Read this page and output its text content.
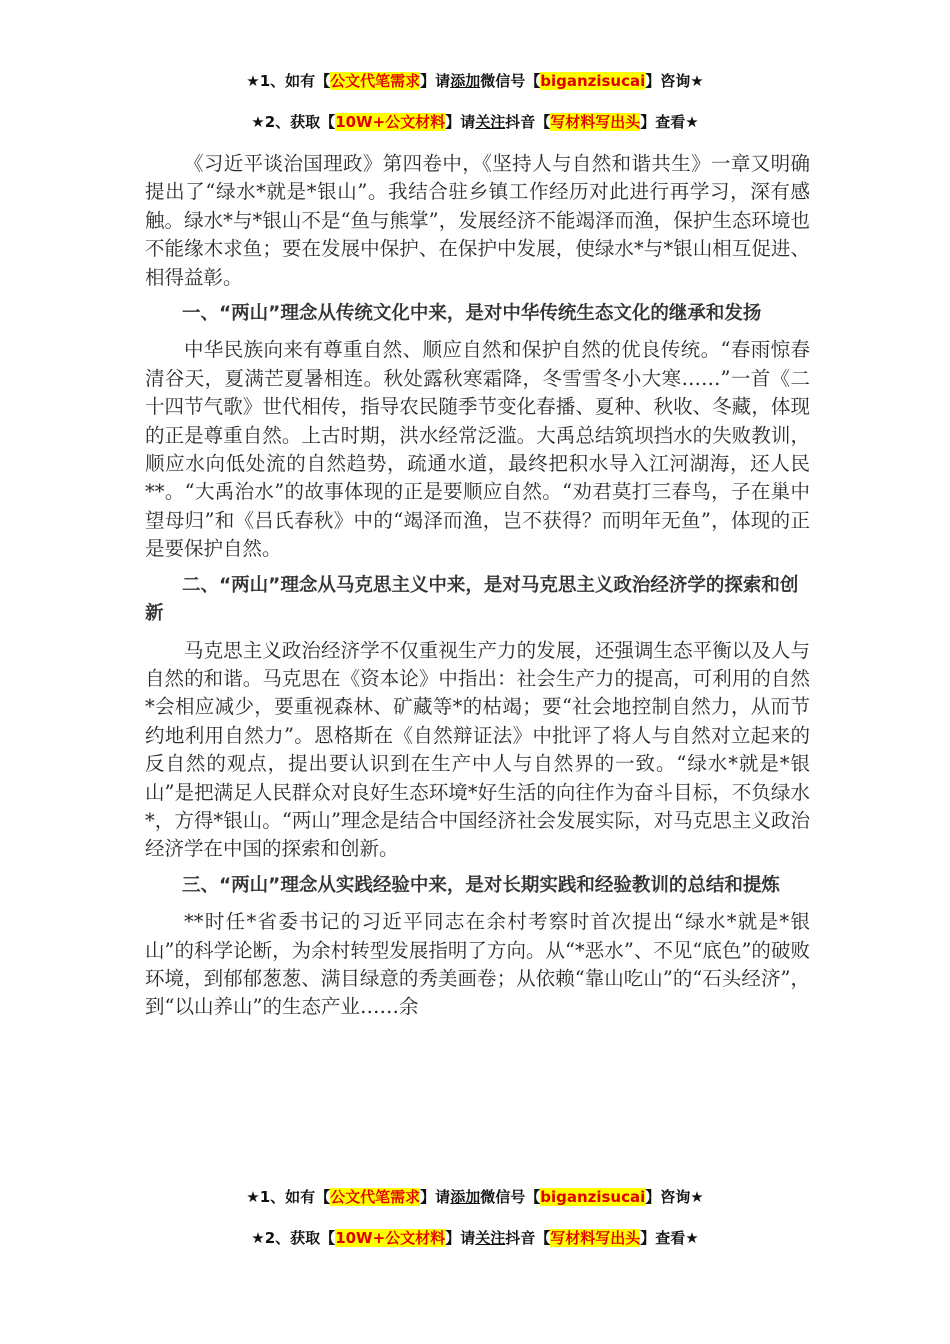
★1、如有【公文代笔需求】请添加微信号【biganzisucai】咨询★
★2、获取【10W+公文材料】请关注抖音【写材料写出头】查看★

《习近平谈治国理政》第四卷中，《坚持人与自然和谐共生》一章又明确提出了“绿水*就是*银山”。我结合驻乡镇工作经历对此进行再学习，深有感触。绿水*与*银山不是“鱼与熊掌”，发展经济不能竭泽而渔，保护生态环境也不能缘木求鱼；要在发展中保护、在保护中发展，使绿水*与*银山相互促进、相得益彰。

一、“两山”理念从传统文化中来，是对中华传统生态文化的继承和发扬

中华民族向来有尊重自然、顺应自然和保护自然的优良传统。“春雨惊春清谷天，夏满芒夏暑相连。秋处露秋寒霜降，冬雪雪冬小大寒……”一首《二十四节气歌》世代相传，指导农民随季节变化春播、夏种、秋收、冬藏，体现的正是尊重自然。上古时期，洪水经常泛滥。大禹总结筑坝挡水的失败教训，顺应水向低处流的自然趋势，疏通水道，最终把积水导入江河湖海，还人民**。“大禹治水”的故事体现的正是要顺应自然。“劝君莫打三春鸟，子在巢中望母归”和《吕氏春秋》中的“竭泽而渔，岂不获得？而明年无鱼”，体现的正是要保护自然。

二、“两山”理念从马克思主义中来，是对马克思主义政治经济学的探索和创新

马克思主义政治经济学不仅重视生产力的发展，还强调生态平衡以及人与自然的和谐。马克思在《资本论》中指出：社会生产力的提高，可利用的自然*会相应减少，要重视森林、矿藏等*的枯竭；要“社会地控制自然力，从而节约地利用自然力”。恩格斯在《自然辩证法》中批评了将人与自然对立起来的反自然的观点，提出要认识到在生产中人与自然界的一致。“绿水*就是*银山”是把满足人民群众对良好生态环境*好生活的向往作为奋斗目标，不负绿水*，方得*银山。“两山”理念是结合中国经济社会发展实际，对马克思主义政治经济学在中国的探索和创新。

三、“两山”理念从实践经验中来，是对长期实践和经验教训的总结和提炼

**时任*省委书记的习近平同志在余村考察时首次提出“绿水*就是*银山”的科学论断，为余村转型发展指明了方向。从“*恶水”、不见“底色”的破败环境，到郁郁葱葱、满目绿意的秀美画卷；从依赖“靠山吃山”的“石头经济”，到“以山养山”的生态产业……余

★1、如有【公文代笔需求】请添加微信号【biganzisucai】咨询★
★2、获取【10W+公文材料】请关注抖音【写材料写出头】查看★
